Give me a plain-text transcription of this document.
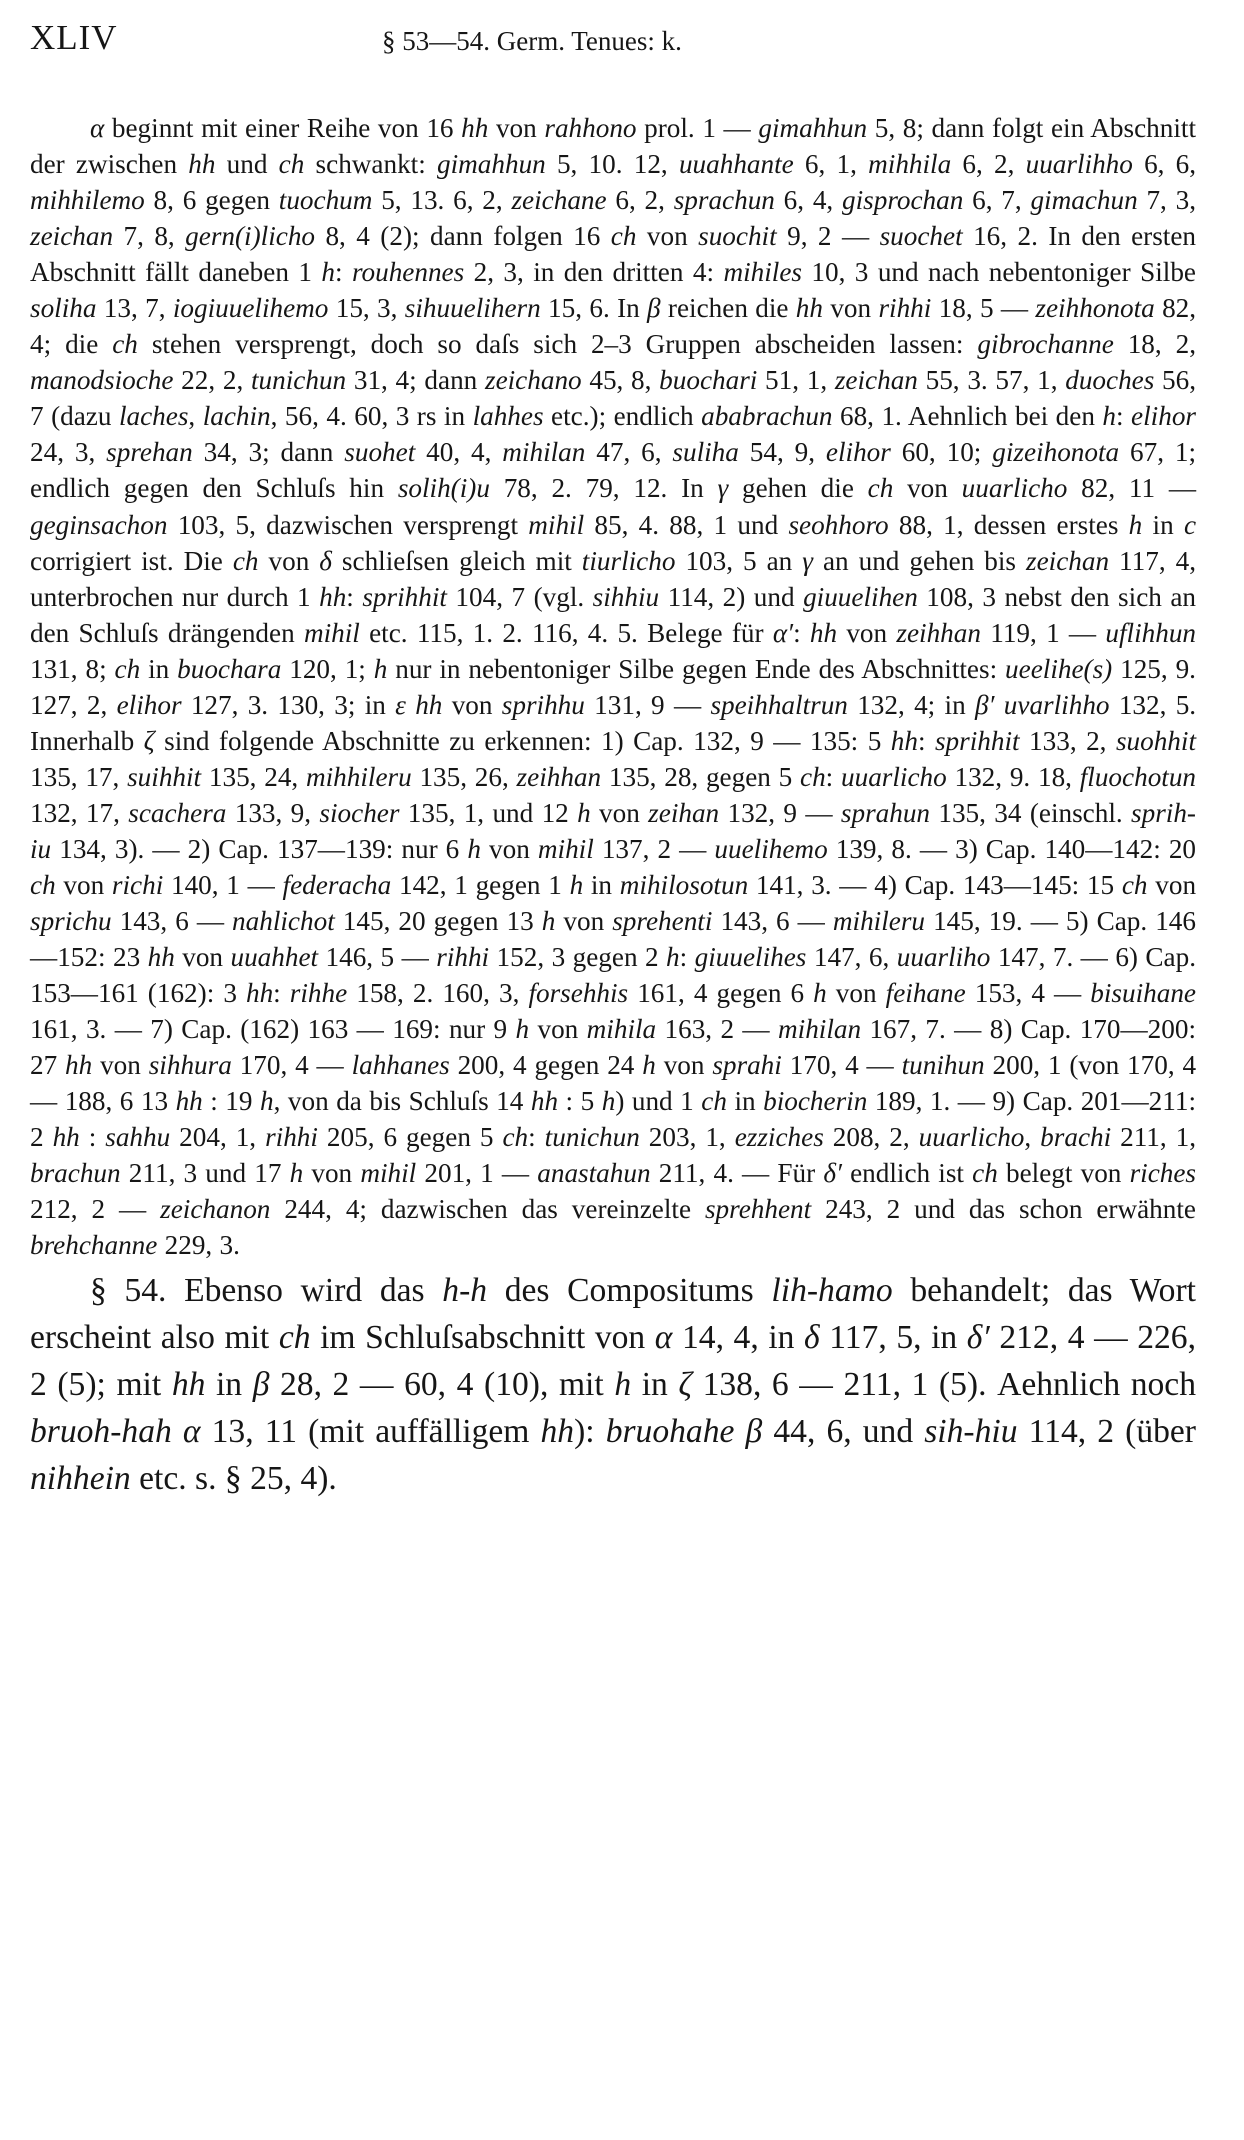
XLIV	§ 53—54. Germ. Tenues: k.

α beginnt mit einer Reihe von 16 hh von rahhono prol. 1 — gimahhun 5, 8; dann folgt ein Abschnitt der zwischen hh und ch schwankt: gimahhun 5, 10. 12, uuahhante 6, 1, mihhila 6, 2, uuarlihho 6, 6, mihhilemo 8, 6 gegen tuochum 5, 13. 6, 2, zeichane 6, 2, sprachun 6, 4, gisprochan 6, 7, gimachun 7, 3, zeichan 7, 8, gern(i)licho 8, 4 (2); dann folgen 16 ch von suochit 9, 2 — suochet 16, 2. In den ersten Abschnitt fällt daneben 1 h: rouhennes 2, 3, in den dritten 4: mihiles 10, 3 und nach nebentoniger Silbe soliha 13, 7, iogiuuelihemo 15, 3, sihuuelihern 15, 6. In β reichen die hh von rihhi 18, 5 — zeihhonota 82, 4; die ch stehen versprengt, doch so daſs sich 2–3 Gruppen abscheiden lassen: gibrochanne 18, 2, manodsioche 22, 2, tunichun 31, 4; dann zeichano 45, 8, buochari 51, 1, zeichan 55, 3. 57, 1, duoches 56, 7 (dazu laches, lachin, 56, 4. 60, 3 rs in lahhes etc.); endlich ababrachun 68, 1. Aehnlich bei den h: elihor 24, 3, sprehan 34, 3; dann suohet 40, 4, mihilan 47, 6, suliha 54, 9, elihor 60, 10; gizeihonota 67, 1; endlich gegen den Schluſs hin solih(i)u 78, 2. 79, 12. In γ gehen die ch von uuarlicho 82, 11 — geginsachon 103, 5, dazwischen versprengt mihil 85, 4. 88, 1 und seohhoro 88, 1, dessen erstes h in c corrigiert ist. Die ch von δ schlieſsen gleich mit tiurlicho 103, 5 an γ an und gehen bis zeichan 117, 4, unterbrochen nur durch 1 hh: sprihhit 104, 7 (vgl. sihhiu 114, 2) und giuuelihen 108, 3 nebst den sich an den Schluſs drängenden mihil etc. 115, 1. 2. 116, 4. 5. Belege für α′: hh von zeihhan 119, 1 — uflihhun 131, 8; ch in buochara 120, 1; h nur in nebentoniger Silbe gegen Ende des Abschnittes: ueelihe(s) 125, 9. 127, 2, elihor 127, 3. 130, 3; in ε hh von sprihhu 131, 9 — speihhaltrun 132, 4; in β′ uvarlihho 132, 5. Innerhalb ζ sind folgende Abschnitte zu erkennen: 1) Cap. 132, 9 — 135: 5 hh: sprihhit 133, 2, suohhit 135, 17, suihhit 135, 24, mihhileru 135, 26, zeihhan 135, 28, gegen 5 ch: uuarlicho 132, 9. 18, fluochotun 132, 17, scachera 133, 9, siocher 135, 1, und 12 h von zeihan 132, 9 — sprahun 135, 34 (einschl. sprih-iu 134, 3). — 2) Cap. 137—139: nur 6 h von mihil 137, 2 — uuelihemo 139, 8. — 3) Cap. 140—142: 20 ch von richi 140, 1 — federacha 142, 1 gegen 1 h in mihilosotun 141, 3. — 4) Cap. 143—145: 15 ch von sprichu 143, 6 — nahlichot 145, 20 gegen 13 h von sprehenti 143, 6 — mihileru 145, 19. — 5) Cap. 146—152: 23 hh von uuahhet 146, 5 — rihhi 152, 3 gegen 2 h: giuuelihes 147, 6, uuarliho 147, 7. — 6) Cap. 153—161 (162): 3 hh: rihhe 158, 2. 160, 3, forsehhis 161, 4 gegen 6 h von feihane 153, 4 — bisuihane 161, 3. — 7) Cap. (162) 163 — 169: nur 9 h von mihila 163, 2 — mihilan 167, 7. — 8) Cap. 170—200: 27 hh von sihhura 170, 4 — lahhanes 200, 4 gegen 24 h von sprahi 170, 4 — tunihun 200, 1 (von 170, 4 — 188, 6 13 hh : 19 h, von da bis Schluſs 14 hh : 5 h) und 1 ch in biocherin 189, 1. — 9) Cap. 201—211: 2 hh : sahhu 204, 1, rihhi 205, 6 gegen 5 ch: tunichun 203, 1, ezziches 208, 2, uuarlicho, brachi 211, 1, brachun 211, 3 und 17 h von mihil 201, 1 — anastahun 211, 4. — Für δ′ endlich ist ch belegt von riches 212, 2 — zeichanon 244, 4; dazwischen das vereinzelte sprehhent 243, 2 und das schon erwähnte brehchanne 229, 3.

§ 54. Ebenso wird das h-h des Compositums lih-hamo behandelt; das Wort erscheint also mit ch im Schluſsabschnitt von α 14, 4, in δ 117, 5, in δ′ 212, 4 — 226, 2 (5); mit hh in β 28, 2 — 60, 4 (10), mit h in ζ 138, 6 — 211, 1 (5). Aehnlich noch bruoh-hah α 13, 11 (mit auffälligem hh): bruohahe β 44, 6, und sih-hiu 114, 2 (über nihhein etc. s. § 25, 4).
